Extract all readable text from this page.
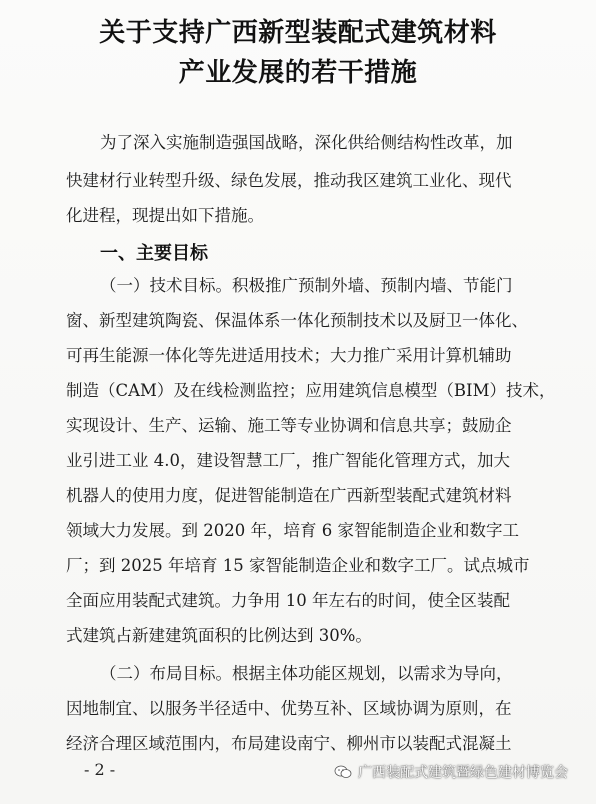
关于支持广西新型装配式建筑材料
产业发展的若干措施
为了深入实施制造强国战略，深化供给侧结构性改革，加
快建材行业转型升级、绿色发展，推动我区建筑工业化、现代
化进程，现提出如下措施。
一、主要目标
（一）技术目标。积极推广预制外墙、预制内墙、节能门
窗、新型建筑陶瓷、保温体系一体化预制技术以及厨卫一体化、
可再生能源一体化等先进适用技术；大力推广采用计算机辅助
制造（CAM）及在线检测监控；应用建筑信息模型（BIM）技术，
实现设计、生产、运输、施工等专业协调和信息共享；鼓励企
业引进工业 4.0，建设智慧工厂，推广智能化管理方式，加大
机器人的使用力度，促进智能制造在广西新型装配式建筑材料
领域大力发展。到 2020 年，培育 6 家智能制造企业和数字工
厂；到 2025 年培育 15 家智能制造企业和数字工厂。试点城市
全面应用装配式建筑。力争用 10 年左右的时间，使全区装配
式建筑占新建建筑面积的比例达到 30%。
（二）布局目标。根据主体功能区规划，以需求为导向，
因地制宜、以服务半径适中、优势互补、区域协调为原则，在
经济合理区域范围内，布局建设南宁、柳州市以装配式混凝土
- 2 -	广西装配式建筑暨绿色建材博览会
